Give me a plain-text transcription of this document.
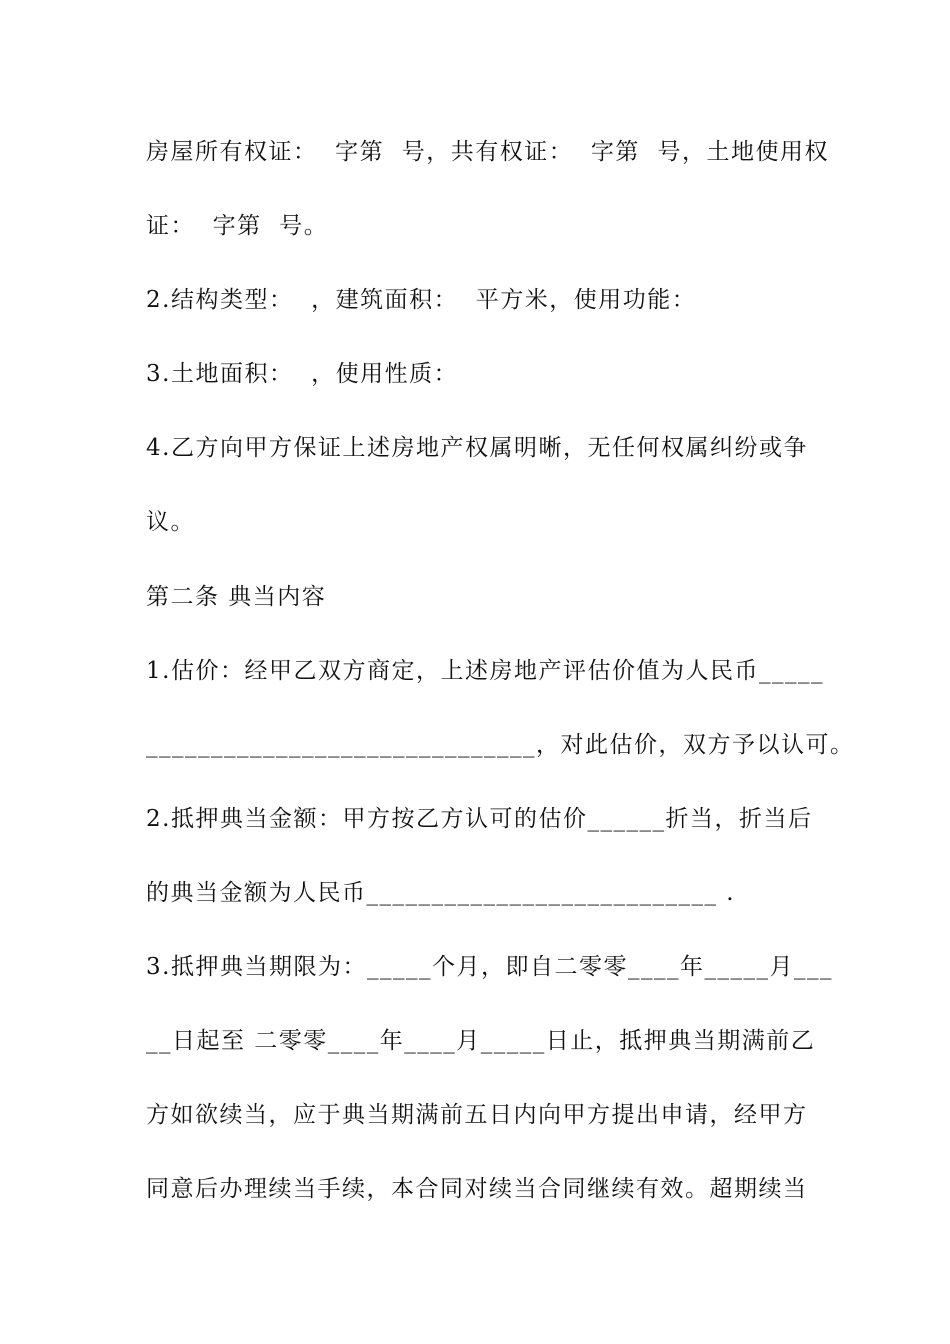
房屋所有权证：  字第  号，共有权证：  字第  号，土地使用权
证：  字第  号。
2.结构类型：  ，建筑面积：  平方米，使用功能：
3.土地面积：  ，使用性质：
4.乙方向甲方保证上述房地产权属明晰，无任何权属纠纷或争
议。
第二条 典当内容
1.估价：经甲乙双方商定，上述房地产评估价值为人民币_____
______________________________，对此估价，双方予以认可。
2.抵押典当金额：甲方按乙方认可的估价______折当，折当后
的典当金额为人民币___________________________ .
3.抵押典当期限为：_____个月，即自二零零____年_____月___
__日起至 二零零____年____月_____日止，抵押典当期满前乙
方如欲续当，应于典当期满前五日内向甲方提出申请，经甲方
同意后办理续当手续，本合同对续当合同继续有效。超期续当
